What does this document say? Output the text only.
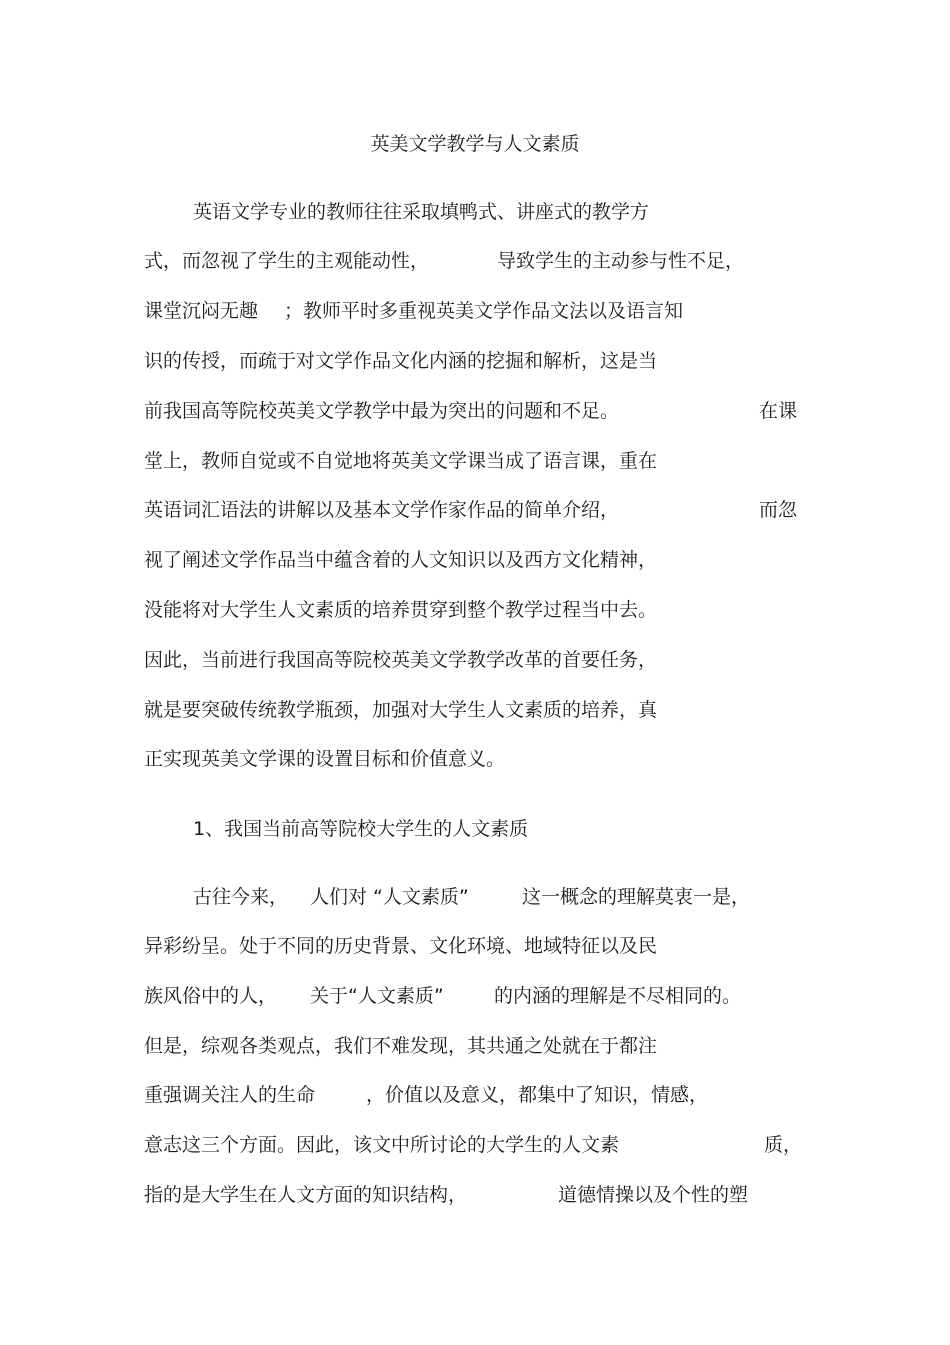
英美文学教学与人文素质
英语文学专业的教师往往采取填鸭式、讲座式的教学方
式，而忽视了学生的主观能动性，	导致学生的主动参与性不足，
课堂沉闷无趣 ；教师平时多重视英美文学作品文法以及语言知
识的传授，而疏于对文学作品文化内涵的挖掘和解析，这是当
前我国高等院校英美文学教学中最为突出的问题和不足。	在课
堂上，教师自觉或不自觉地将英美文学课当成了语言课，重在
英语词汇语法的讲解以及基本文学作家作品的简单介绍，	而忽
视了阐述文学作品当中蕴含着的人文知识以及西方文化精神，
没能将对大学生人文素质的培养贯穿到整个教学过程当中去。
因此，当前进行我国高等院校英美文学教学改革的首要任务，
就是要突破传统教学瓶颈，加强对大学生人文素质的培养，真
正实现英美文学课的设置目标和价值意义。
1、我国当前高等院校大学生的人文素质
古往今来， 人们对 “人文素质”	这一概念的理解莫衷一是，
异彩纷呈。处于不同的历史背景、文化环境、地域特征以及民
族风俗中的人， 关于“人文素质”	的内涵的理解是不尽相同的。
但是，综观各类观点，我们不难发现，其共通之处就在于都注
重强调关注人的生命	，价值以及意义，都集中了知识，情感，
意志这三个方面。因此，该文中所讨论的大学生的人文素	质，
指的是大学生在人文方面的知识结构，	道德情操以及个性的塑
